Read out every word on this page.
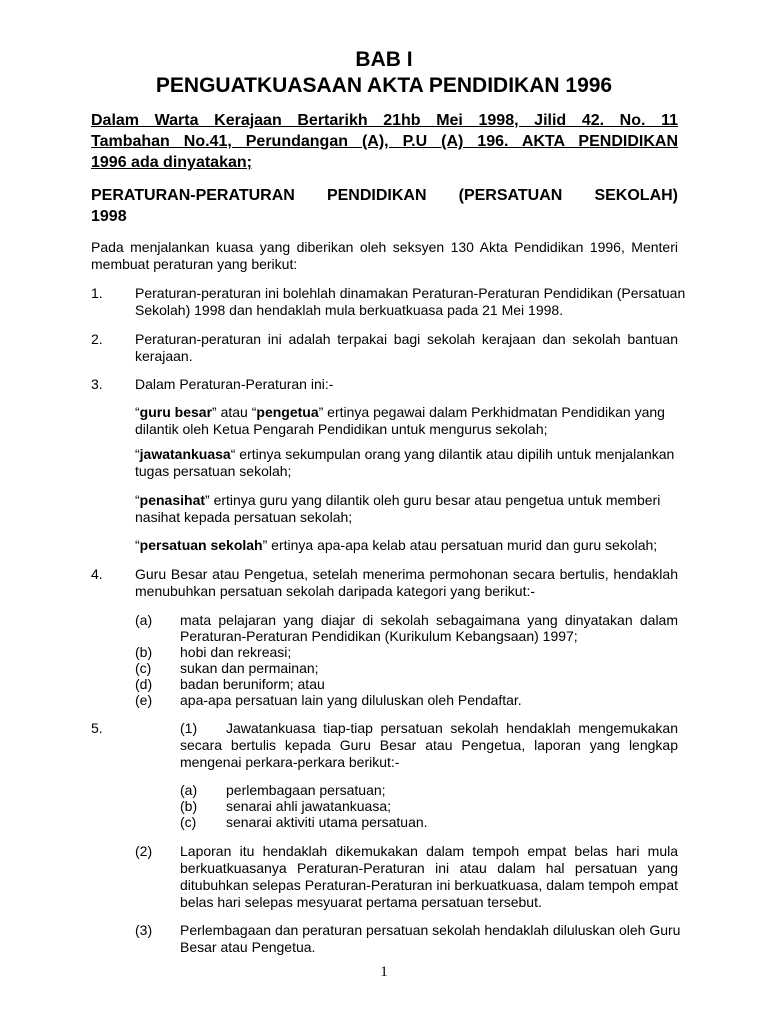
BAB I
PENGUATKUASAAN AKTA PENDIDIKAN 1996
Dalam Warta Kerajaan Bertarikh 21hb Mei 1998, Jilid 42. No. 11
Tambahan No.41, Perundangan (A), P.U (A) 196. AKTA PENDIDIKAN
1996 ada dinyatakan;
PERATURAN-PERATURAN PENDIDIKAN (PERSATUAN SEKOLAH)
1998
Pada menjalankan kuasa yang diberikan oleh seksyen 130 Akta Pendidikan 1996, Menteri
membuat peraturan yang berikut:
1. Peraturan-peraturan ini bolehlah dinamakan Peraturan-Peraturan Pendidikan (Persatuan
Sekolah) 1998 dan hendaklah mula berkuatkuasa pada 21 Mei 1998.
2. Peraturan-peraturan ini adalah terpakai bagi sekolah kerajaan dan sekolah bantuan
kerajaan.
3. Dalam Peraturan-Peraturan ini:-
“guru besar” atau “pengetua” ertinya pegawai dalam Perkhidmatan Pendidikan yang
dilantik oleh Ketua Pengarah Pendidikan untuk mengurus sekolah;
“jawatankuasa“ ertinya sekumpulan orang yang dilantik atau dipilih untuk menjalankan
tugas persatuan sekolah;
“penasihat” ertinya guru yang dilantik oleh guru besar atau pengetua untuk memberi
nasihat kepada persatuan sekolah;
“persatuan sekolah” ertinya apa-apa kelab atau persatuan murid dan guru sekolah;
4. Guru Besar atau Pengetua, setelah menerima permohonan secara bertulis, hendaklah
menubuhkan persatuan sekolah daripada kategori yang berikut:-
(a) mata pelajaran yang diajar di sekolah sebagaimana yang dinyatakan dalam
Peraturan-Peraturan Pendidikan (Kurikulum Kebangsaan) 1997;
(b) hobi dan rekreasi;
(c) sukan dan permainan;
(d) badan beruniform; atau
(e) apa-apa persatuan lain yang diluluskan oleh Pendaftar.
5.	(1) Jawatankuasa tiap-tiap persatuan sekolah hendaklah mengemukakan
secara bertulis kepada Guru Besar atau Pengetua, laporan yang lengkap
mengenai perkara-perkara berikut:-
(a) perlembagaan persatuan;
(b) senarai ahli jawatankuasa;
(c) senarai aktiviti utama persatuan.
(2) Laporan itu hendaklah dikemukakan dalam tempoh empat belas hari mula
berkuatkuasanya Peraturan-Peraturan ini atau dalam hal persatuan yang
ditubuhkan selepas Peraturan-Peraturan ini berkuatkuasa, dalam tempoh empat
belas hari selepas mesyuarat pertama persatuan tersebut.
(3) Perlembagaan dan peraturan persatuan sekolah hendaklah diluluskan oleh Guru
Besar atau Pengetua.
1
